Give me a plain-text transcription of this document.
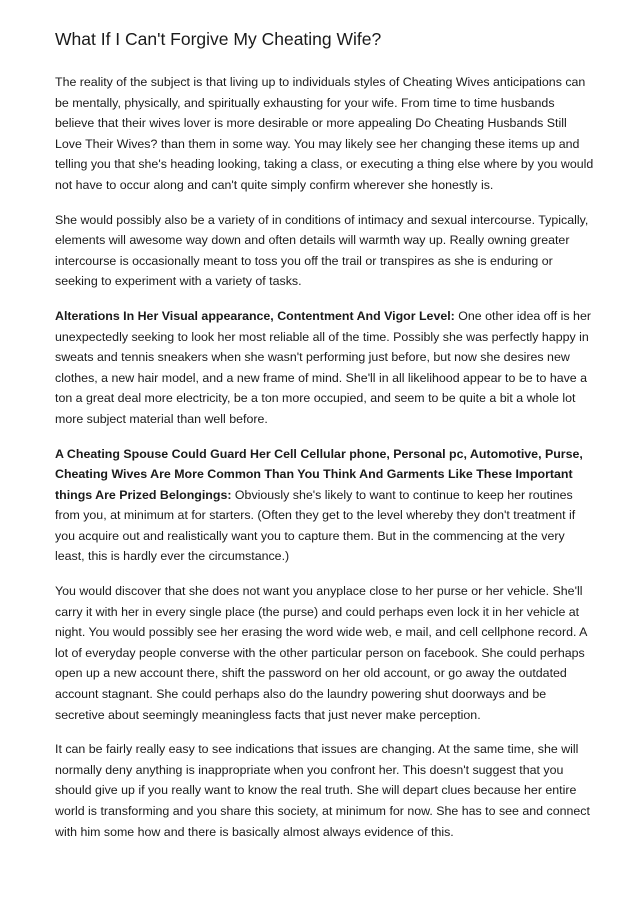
What If I Can't Forgive My Cheating Wife?

The reality of the subject is that living up to individuals styles of Cheating Wives anticipations can be mentally, physically, and spiritually exhausting for your wife. From time to time husbands believe that their wives lover is more desirable or more appealing Do Cheating Husbands Still Love Their Wives? than them in some way. You may likely see her changing these items up and telling you that she's heading looking, taking a class, or executing a thing else where by you would not have to occur along and can't quite simply confirm wherever she honestly is.

She would possibly also be a variety of in conditions of intimacy and sexual intercourse. Typically, elements will awesome way down and often details will warmth way up. Really owning greater intercourse is occasionally meant to toss you off the trail or transpires as she is enduring or seeking to experiment with a variety of tasks.

Alterations In Her Visual appearance, Contentment And Vigor Level: One other idea off is her unexpectedly seeking to look her most reliable all of the time. Possibly she was perfectly happy in sweats and tennis sneakers when she wasn't performing just before, but now she desires new clothes, a new hair model, and a new frame of mind. She'll in all likelihood appear to be to have a ton a great deal more electricity, be a ton more occupied, and seem to be quite a bit a whole lot more subject material than well before.

A Cheating Spouse Could Guard Her Cell Cellular phone, Personal pc, Automotive, Purse, Cheating Wives Are More Common Than You Think And Garments Like These Important things Are Prized Belongings: Obviously she's likely to want to continue to keep her routines from you, at minimum at for starters. (Often they get to the level whereby they don't treatment if you acquire out and realistically want you to capture them. But in the commencing at the very least, this is hardly ever the circumstance.)

You would discover that she does not want you anyplace close to her purse or her vehicle. She'll carry it with her in every single place (the purse) and could perhaps even lock it in her vehicle at night. You would possibly see her erasing the word wide web, e mail, and cell cellphone record. A lot of everyday people converse with the other particular person on facebook. She could perhaps open up a new account there, shift the password on her old account, or go away the outdated account stagnant. She could perhaps also do the laundry powering shut doorways and be secretive about seemingly meaningless facts that just never make perception.

It can be fairly really easy to see indications that issues are changing. At the same time, she will normally deny anything is inappropriate when you confront her. This doesn't suggest that you should give up if you really want to know the real truth. She will depart clues because her entire world is transforming and you share this society, at minimum for now. She has to see and connect with him some how and there is basically almost always evidence of this.
